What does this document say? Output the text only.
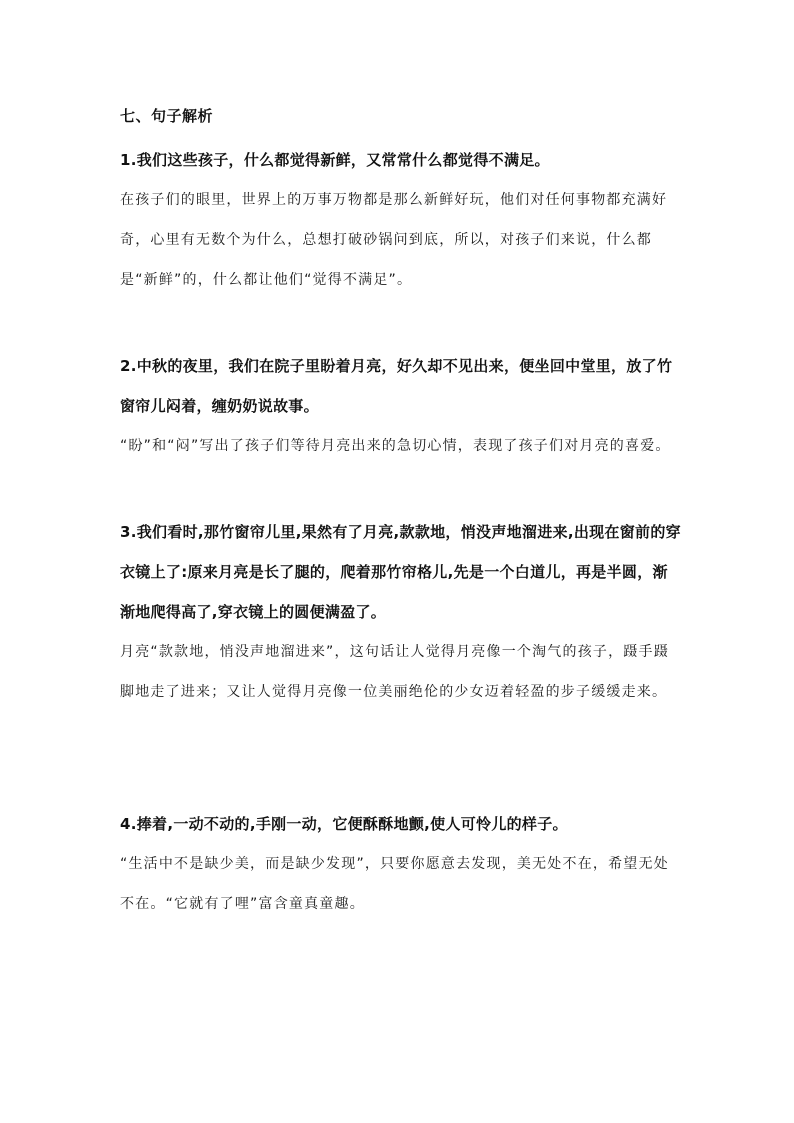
七、句子解析

1.我们这些孩子，什么都觉得新鲜，又常常什么都觉得不满足。

在孩子们的眼里，世界上的万事万物都是那么新鲜好玩，他们对任何事物都充满好奇，心里有无数个为什么，总想打破砂锅问到底，所以，对孩子们来说，什么都是“新鲜”的，什么都让他们“觉得不满足”。

2.中秋的夜里，我们在院子里盼着月亮，好久却不见出来，便坐回中堂里，放了竹窗帘儿闷着，缠奶奶说故事。

“盼”和“闷”写出了孩子们等待月亮出来的急切心情，表现了孩子们对月亮的喜爱。

3.我们看时,那竹窗帘儿里,果然有了月亮,款款地，悄没声地溜进来,出现在窗前的穿衣镜上了:原来月亮是长了腿的，爬着那竹帘格儿,先是一个白道儿，再是半圆，渐渐地爬得高了,穿衣镜上的圆便满盈了。

月亮“款款地，悄没声地溜进来”，这句话让人觉得月亮像一个淘气的孩子，蹑手蹑脚地走了进来；又让人觉得月亮像一位美丽绝伦的少女迈着轻盈的步子缓缓走来。

4.捧着,一动不动的,手刚一动，它便酥酥地颤,使人可怜儿的样子。

“生活中不是缺少美，而是缺少发现”，只要你愿意去发现，美无处不在，希望无处不在。“它就有了哩”富含童真童趣。
